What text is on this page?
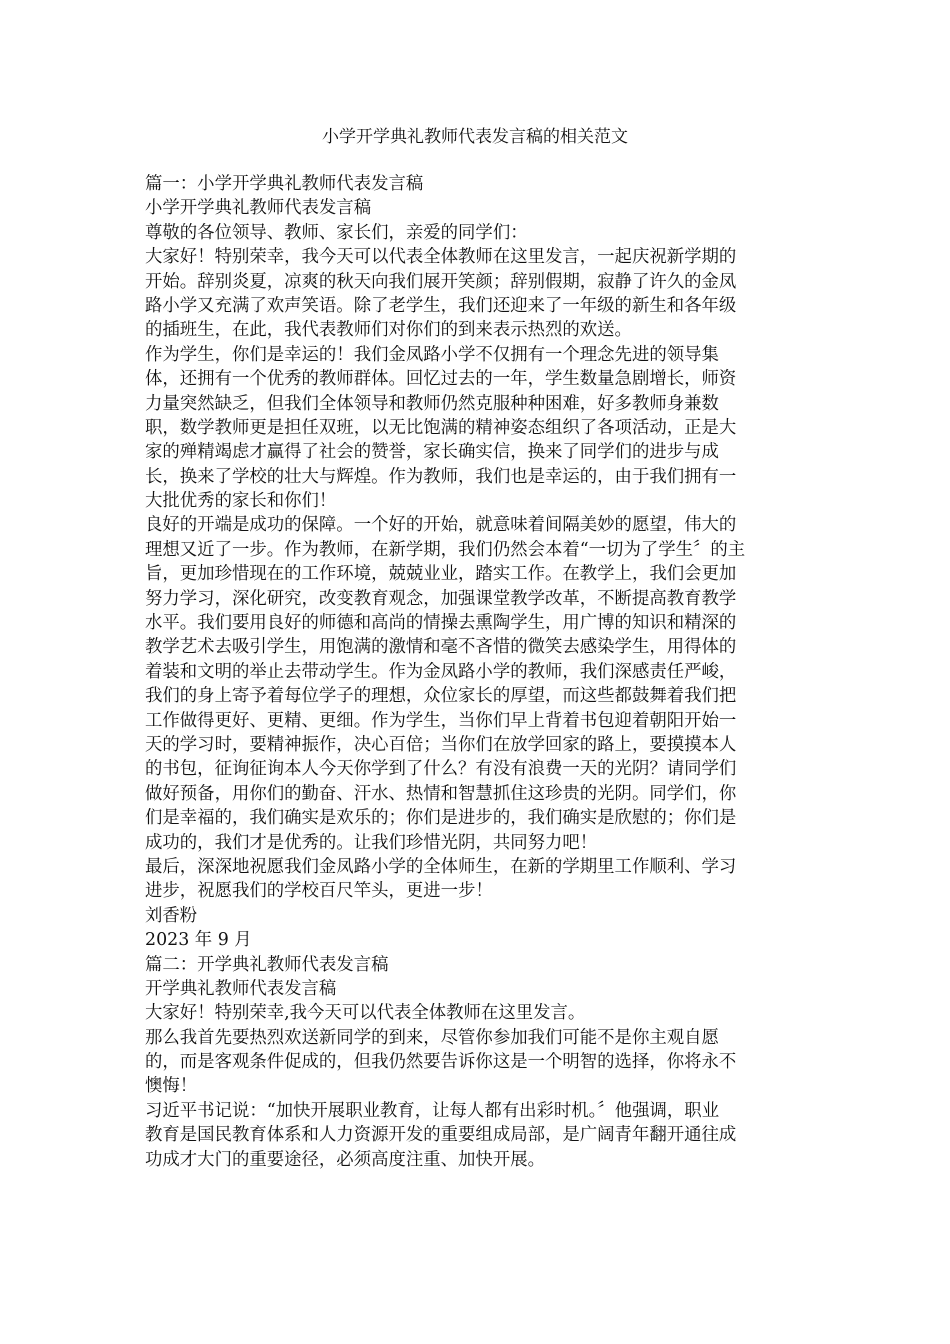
小学开学典礼教师代表发言稿的相关范文
篇一：小学开学典礼教师代表发言稿
小学开学典礼教师代表发言稿
尊敬的各位领导、教师、家长们，亲爱的同学们：
大家好！特别荣幸，我今天可以代表全体教师在这里发言，一起庆祝新学期的
开始。辞别炎夏，凉爽的秋天向我们展开笑颜；辞别假期，寂静了许久的金凤
路小学又充满了欢声笑语。除了老学生，我们还迎来了一年级的新生和各年级
的插班生，在此，我代表教师们对你们的到来表示热烈的欢送。
作为学生，你们是幸运的！我们金凤路小学不仅拥有一个理念先进的领导集
体，还拥有一个优秀的教师群体。回忆过去的一年，学生数量急剧增长，师资
力量突然缺乏，但我们全体领导和教师仍然克服种种困难，好多教师身兼数
职，数学教师更是担任双班，以无比饱满的精神姿态组织了各项活动，正是大
家的殚精竭虑才赢得了社会的赞誉，家长确实信，换来了同学们的进步与成
长，换来了学校的壮大与辉煌。作为教师，我们也是幸运的，由于我们拥有一
大批优秀的家长和你们！
良好的开端是成功的保障。一个好的开始，就意味着间隔美妙的愿望，伟大的
理想又近了一步。作为教师，在新学期，我们仍然会本着“一切为了学生〞的主
旨，更加珍惜现在的工作环境，兢兢业业，踏实工作。在教学上，我们会更加
努力学习，深化研究，改变教育观念，加强课堂教学改革，不断提高教育教学
水平。我们要用良好的师德和高尚的情操去熏陶学生，用广博的知识和精深的
教学艺术去吸引学生，用饱满的激情和毫不吝惜的微笑去感染学生，用得体的
着装和文明的举止去带动学生。作为金凤路小学的教师，我们深感责任严峻，
我们的身上寄予着每位学子的理想，众位家长的厚望，而这些都鼓舞着我们把
工作做得更好、更精、更细。作为学生，当你们早上背着书包迎着朝阳开始一
天的学习时，要精神振作，决心百倍；当你们在放学回家的路上，要摸摸本人
的书包，征询征询本人今天你学到了什么？有没有浪费一天的光阴？请同学们
做好预备，用你们的勤奋、汗水、热情和智慧抓住这珍贵的光阴。同学们，你
们是幸福的，我们确实是欢乐的；你们是进步的，我们确实是欣慰的；你们是
成功的，我们才是优秀的。让我们珍惜光阴，共同努力吧！
最后，深深地祝愿我们金凤路小学的全体师生，在新的学期里工作顺利、学习
进步，祝愿我们的学校百尺竿头，更进一步！
刘香粉
2023 年 9 月
篇二：开学典礼教师代表发言稿
开学典礼教师代表发言稿
大家好！特别荣幸,我今天可以代表全体教师在这里发言。
那么我首先要热烈欢送新同学的到来，尽管你参加我们可能不是你主观自愿
的，而是客观条件促成的，但我仍然要告诉你这是一个明智的选择，你将永不
懊悔！
习近平书记说：“加快开展职业教育，让每人都有出彩时机。〞他强调，职业
教育是国民教育体系和人力资源开发的重要组成局部，是广阔青年翻开通往成
功成才大门的重要途径，必须高度注重、加快开展。
